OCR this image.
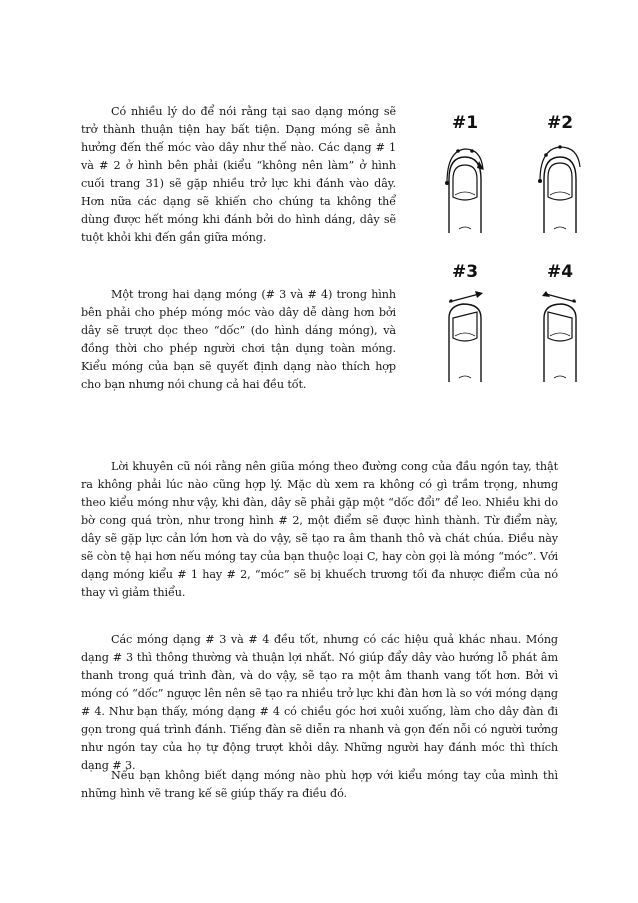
Có nhiều lý do để nói rằng tại sao dạng móng sẽ trở thành thuận tiện hay bất tiện. Dạng móng sẽ ảnh hưởng đến thế móc vào dây như thế nào. Các dạng # 1 và # 2 ở hình bên phải (kiểu “không nên làm” ở hình cuối trang 31) sẽ gặp nhiều trở lực khi đánh vào dây. Hơn nữa các dạng sẽ khiến cho chúng ta không thể dùng được hết móng khi đánh bởi do hình dáng, dây sẽ tuột khỏi khi đến gần giữa móng.

Một trong hai dạng móng (# 3 và # 4) trong hình bên phải cho phép móng móc vào dây dễ dàng hơn bởi dây sẽ trượt dọc theo “dốc” (do hình dáng móng), và đồng thời cho phép người chơi tận dụng toàn móng. Kiểu móng của bạn sẽ quyết định dạng nào thích hợp cho bạn nhưng nói chung cả hai đều tốt.

#1	#2
#3	#4

Lời khuyên cũ nói rằng nên giũa móng theo đường cong của đầu ngón tay, thật ra không phải lúc nào cũng hợp lý. Mặc dù xem ra không có gì trầm trọng, nhưng theo kiểu móng như vậy, khi đàn, dây sẽ phải gặp một “dốc đổi” để leo. Nhiều khi do bờ cong quá tròn, như trong hình # 2, một điểm sẽ được hình thành. Từ điểm này, dây sẽ gặp lực cản lớn hơn và do vậy, sẽ tạo ra âm thanh thô và chát chúa. Điều này sẽ còn tệ hại hơn nếu móng tay của bạn thuộc loại C, hay còn gọi là móng “móc”. Với dạng móng kiểu # 1 hay # 2, “móc” sẽ bị khuếch trương tối đa nhược điểm của nó thay vì giảm thiểu.

Các móng dạng # 3 và # 4 đều tốt, nhưng có các hiệu quả khác nhau. Móng dạng # 3 thì thông thường và thuận lợi nhất. Nó giúp đẩy dây vào hướng lỗ phát âm thanh trong quá trình đàn, và do vậy, sẽ tạo ra một âm thanh vang tốt hơn. Bởi vì móng có “dốc” ngược lên nên sẽ tạo ra nhiều trở lực khi đàn hơn là so với móng dạng # 4. Như bạn thấy, móng dạng # 4 có chiều góc hơi xuôi xuống, làm cho dây đàn đi gọn trong quá trình đánh. Tiếng đàn sẽ diễn ra nhanh và gọn đến nỗi có người tưởng như ngón tay của họ tự động trượt khỏi dây. Những người hay đánh móc thì thích dạng # 3.

Nếu bạn không biết dạng móng nào phù hợp với kiểu móng tay của mình thì những hình vẽ trang kế sẽ giúp thấy ra điều đó.
